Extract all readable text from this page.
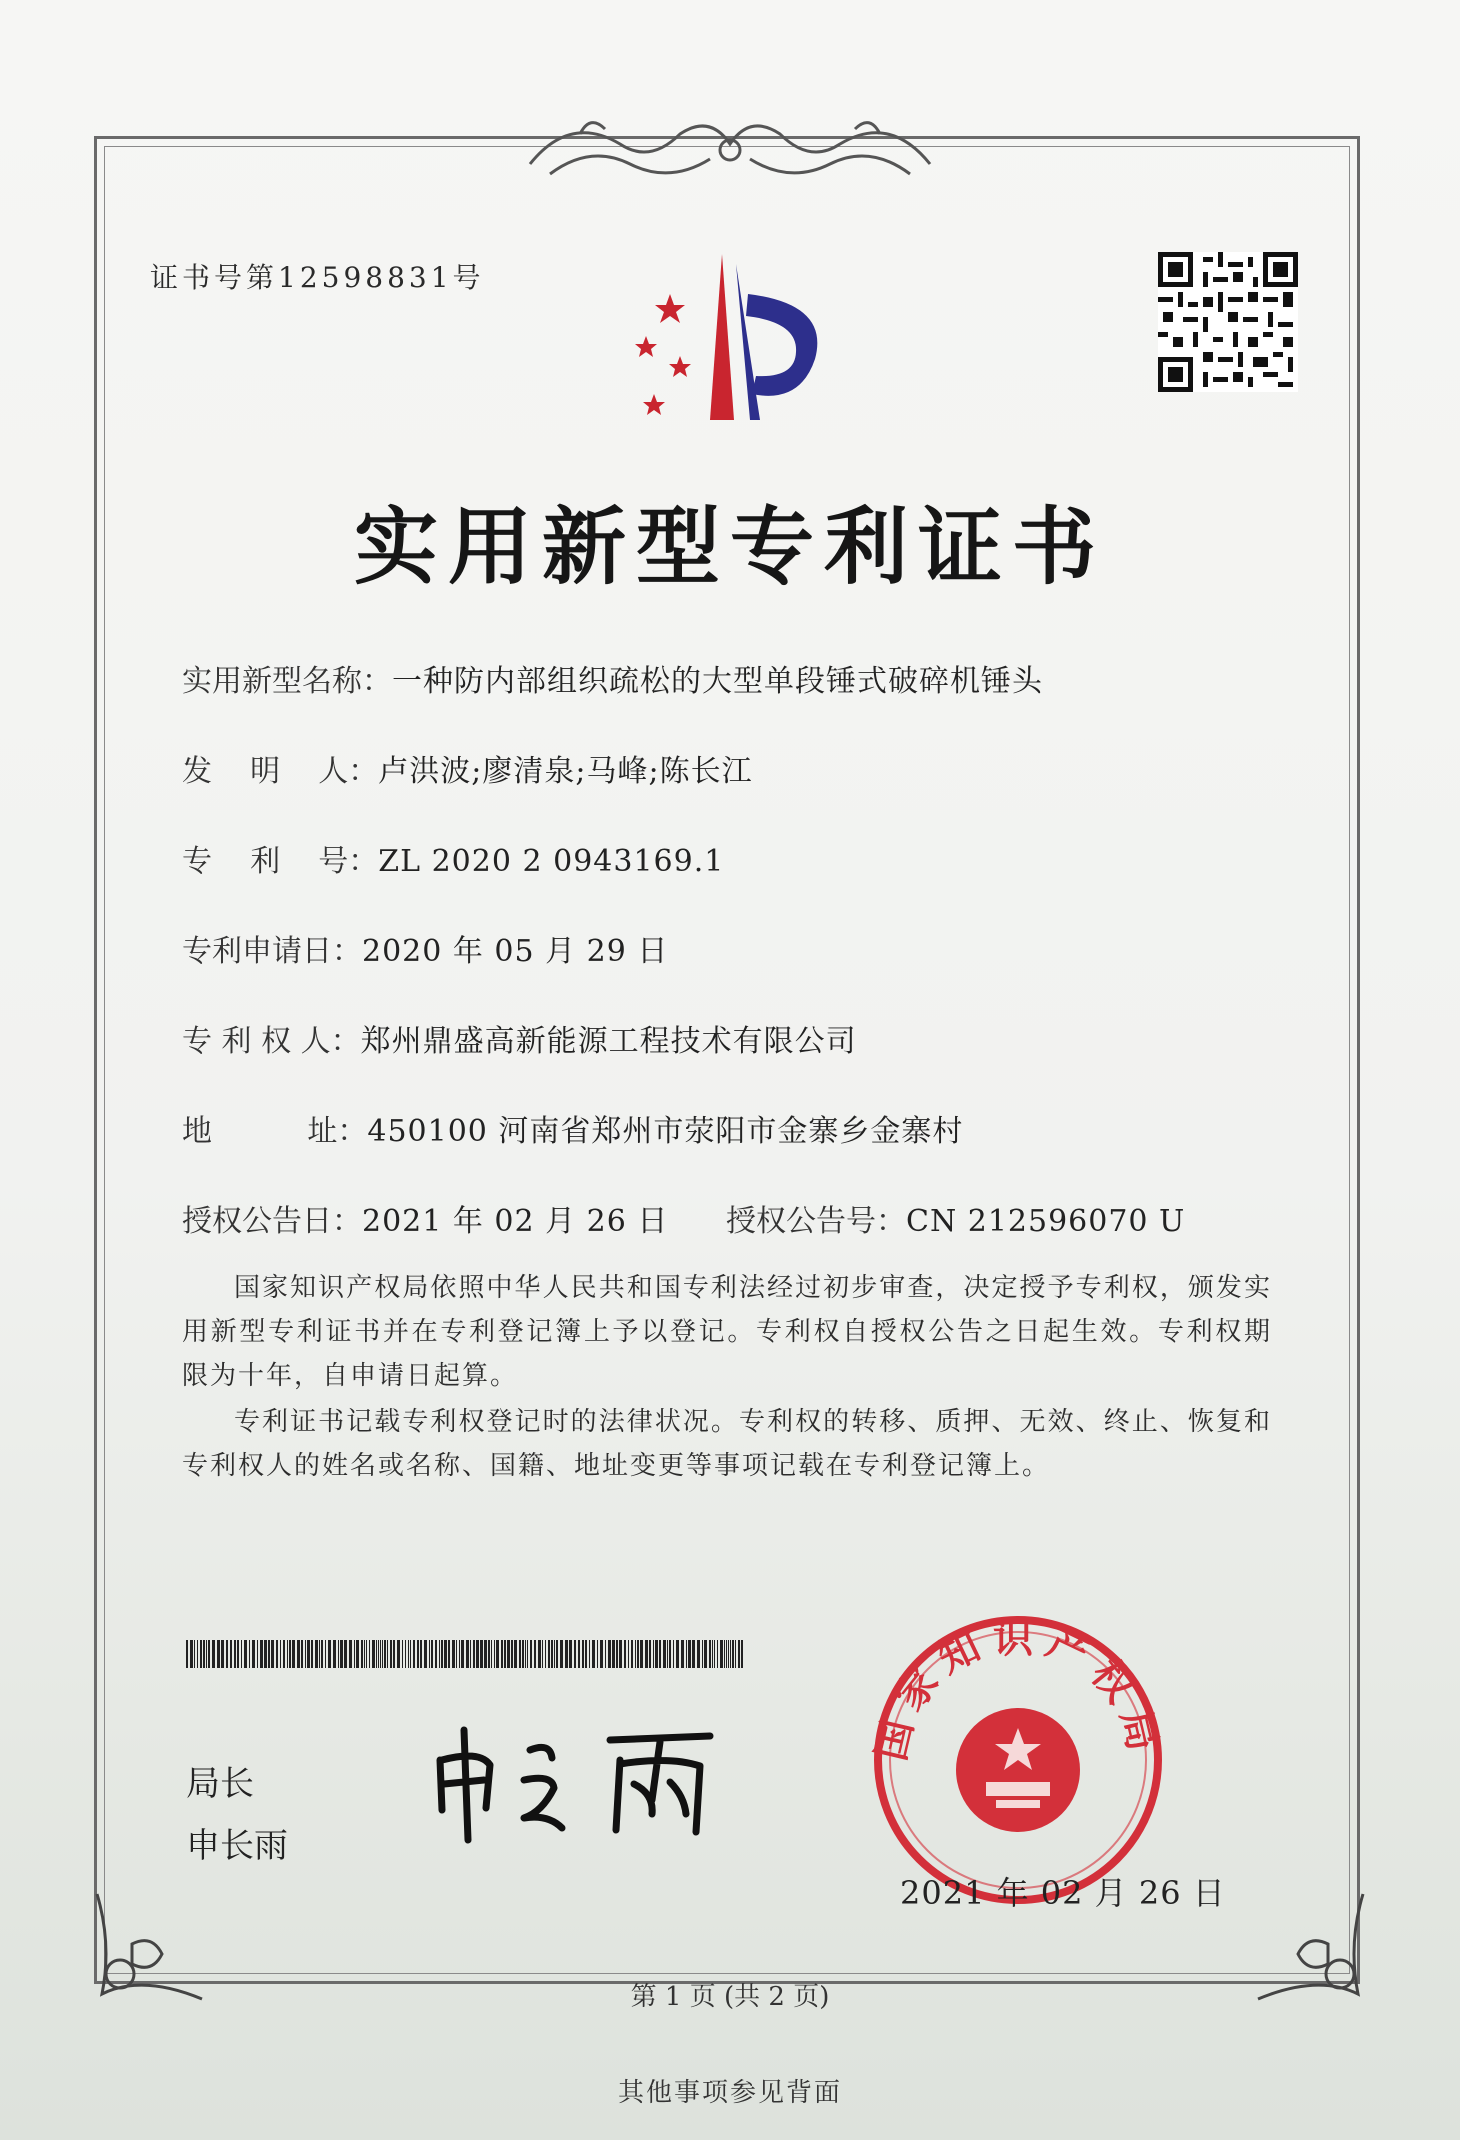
证书号第12598831号
实用新型专利证书
实用新型名称：一种防内部组织疏松的大型单段锤式破碎机锤头
发    明    人：卢洪波;廖清泉;马峰;陈长江
专    利    号：ZL 2020 2 0943169.1
专利申请日：2020 年 05 月 29 日
专 利 权 人：郑州鼎盛高新能源工程技术有限公司
地          址：450100 河南省郑州市荥阳市金寨乡金寨村
授权公告日：2021 年 02 月 26 日 授权公告号：CN 212596070 U
国家知识产权局依照中华人民共和国专利法经过初步审查，决定授予专利权，颁发实用新型专利证书并在专利登记簿上予以登记。专利权自授权公告之日起生效。专利权期限为十年，自申请日起算。
专利证书记载专利权登记时的法律状况。专利权的转移、质押、无效、终止、恢复和专利权人的姓名或名称、国籍、地址变更等事项记载在专利登记簿上。
局长
申长雨
国家知识产权局
2021 年 02 月 26 日
第 1 页 (共 2 页)
其他事项参见背面
